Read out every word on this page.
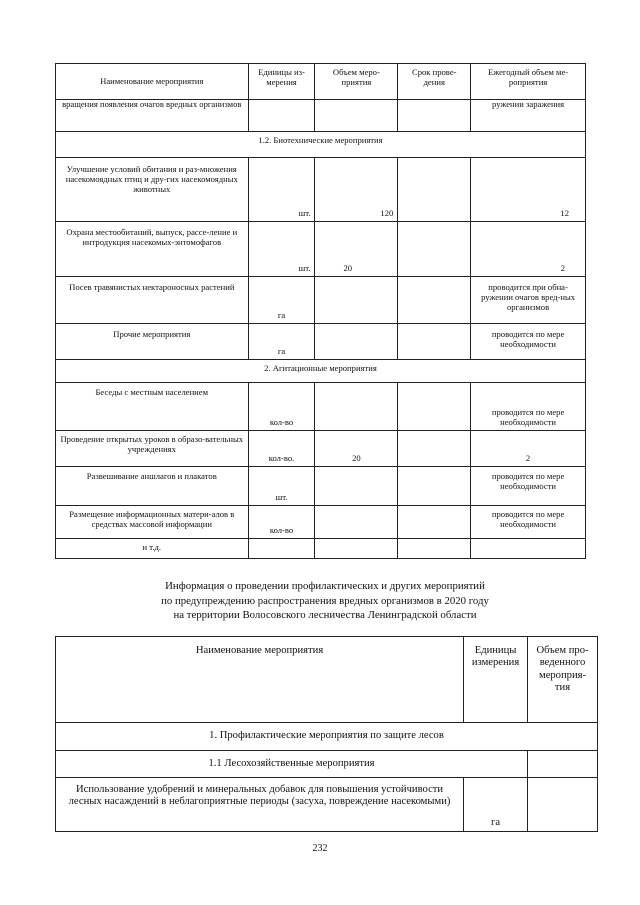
Наименование мероприятия	Единицы из-мерения	Объем меро-приятия	Срок прове-дения	Ежегодный объем ме-роприятия
вращения появления очагов вредных организмов				ружении заражения
1.2. Биотехнические мероприятия				
Улучшение условий обитания и раз-множения насекомоядных птиц и дру-гих насекомоядных животных	шт.	120		12
Охрана местообитаний, выпуск, рассе-ление и интродукция насекомых-энтомофагов	шт.	20		2
Посев травянистых нектароносных растений	га			проводится при обна-ружении очагов вред-ных организмов
Прочие мероприятия	га			проводится по мере необходимости
2. Агитационные мероприятия				
Беседы с местным населением	кол-во			проводится по мере необходимости
Проведение открытых уроков в образо-вательных учреждениях	кол-во.	20		2
Развешивание аншлагов и плакатов	шт.			проводится по мере необходимости
Размещение информационных матери-алов в средствах массовой информации	кол-во			проводится по мере необходимости
и т.д.				
Информация о проведении профилактических и других мероприятий
по предупреждению распространения вредных организмов в 2020 году
на территории Волосовского лесничества Ленинградской области
Наименование мероприятия	Единицы измерения	Объем про-веденного мероприя-тия
1. Профилактические мероприятия по защите лесов		
1.1 Лесохозяйственные мероприятия		
Использование удобрений и минеральных добавок для повышения устойчивости лесных насаждений в неблагоприятные периоды (засуха, повреждение насекомыми)	га	
232
